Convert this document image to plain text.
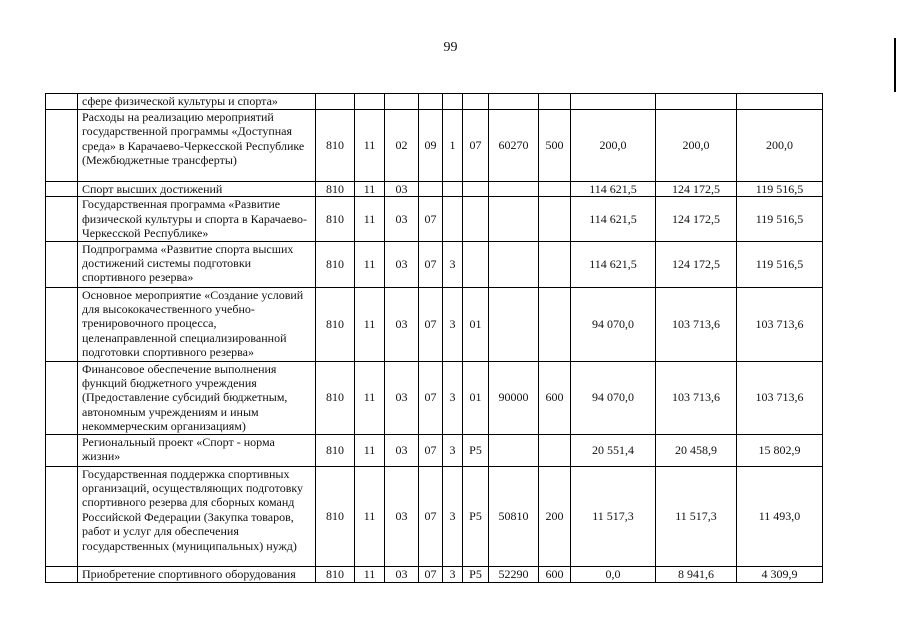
99
	сфере физической культуры и спорта»											
	Расходы на реализацию мероприятий государственной программы «Доступная среда» в Карачаево-Черкесской Республике (Межбюджетные трансферты)	810	11	02	09	1	07	60270	500	200,0	200,0	200,0
	Спорт высших достижений	810	11	03						114 621,5	124 172,5	119 516,5
	Государственная программа «Развитие физической культуры и спорта в Карачаево-Черкесской Республике»	810	11	03	07					114 621,5	124 172,5	119 516,5
	Подпрограмма «Развитие спорта высших достижений системы подготовки спортивного резерва»	810	11	03	07	3				114 621,5	124 172,5	119 516,5
	Основное мероприятие «Создание условий для высококачественного учебно-тренировочного процесса, целенаправленной специализированной подготовки спортивного резерва»	810	11	03	07	3	01			94 070,0	103 713,6	103 713,6
	Финансовое обеспечение выполнения функций бюджетного учреждения (Предоставление субсидий бюджетным, автономным учреждениям и иным некоммерческим организациям)	810	11	03	07	3	01	90000	600	94 070,0	103 713,6	103 713,6
	Региональный проект «Спорт - норма жизни»	810	11	03	07	3	P5			20 551,4	20 458,9	15 802,9
	Государственная поддержка спортивных организаций, осуществляющих подготовку спортивного резерва для сборных команд Российской Федерации (Закупка товаров, работ и услуг для обеспечения государственных (муниципальных) нужд)	810	11	03	07	3	P5	50810	200	11 517,3	11 517,3	11 493,0
	Приобретение спортивного оборудования	810	11	03	07	3	P5	52290	600	0,0	8 941,6	4 309,9
